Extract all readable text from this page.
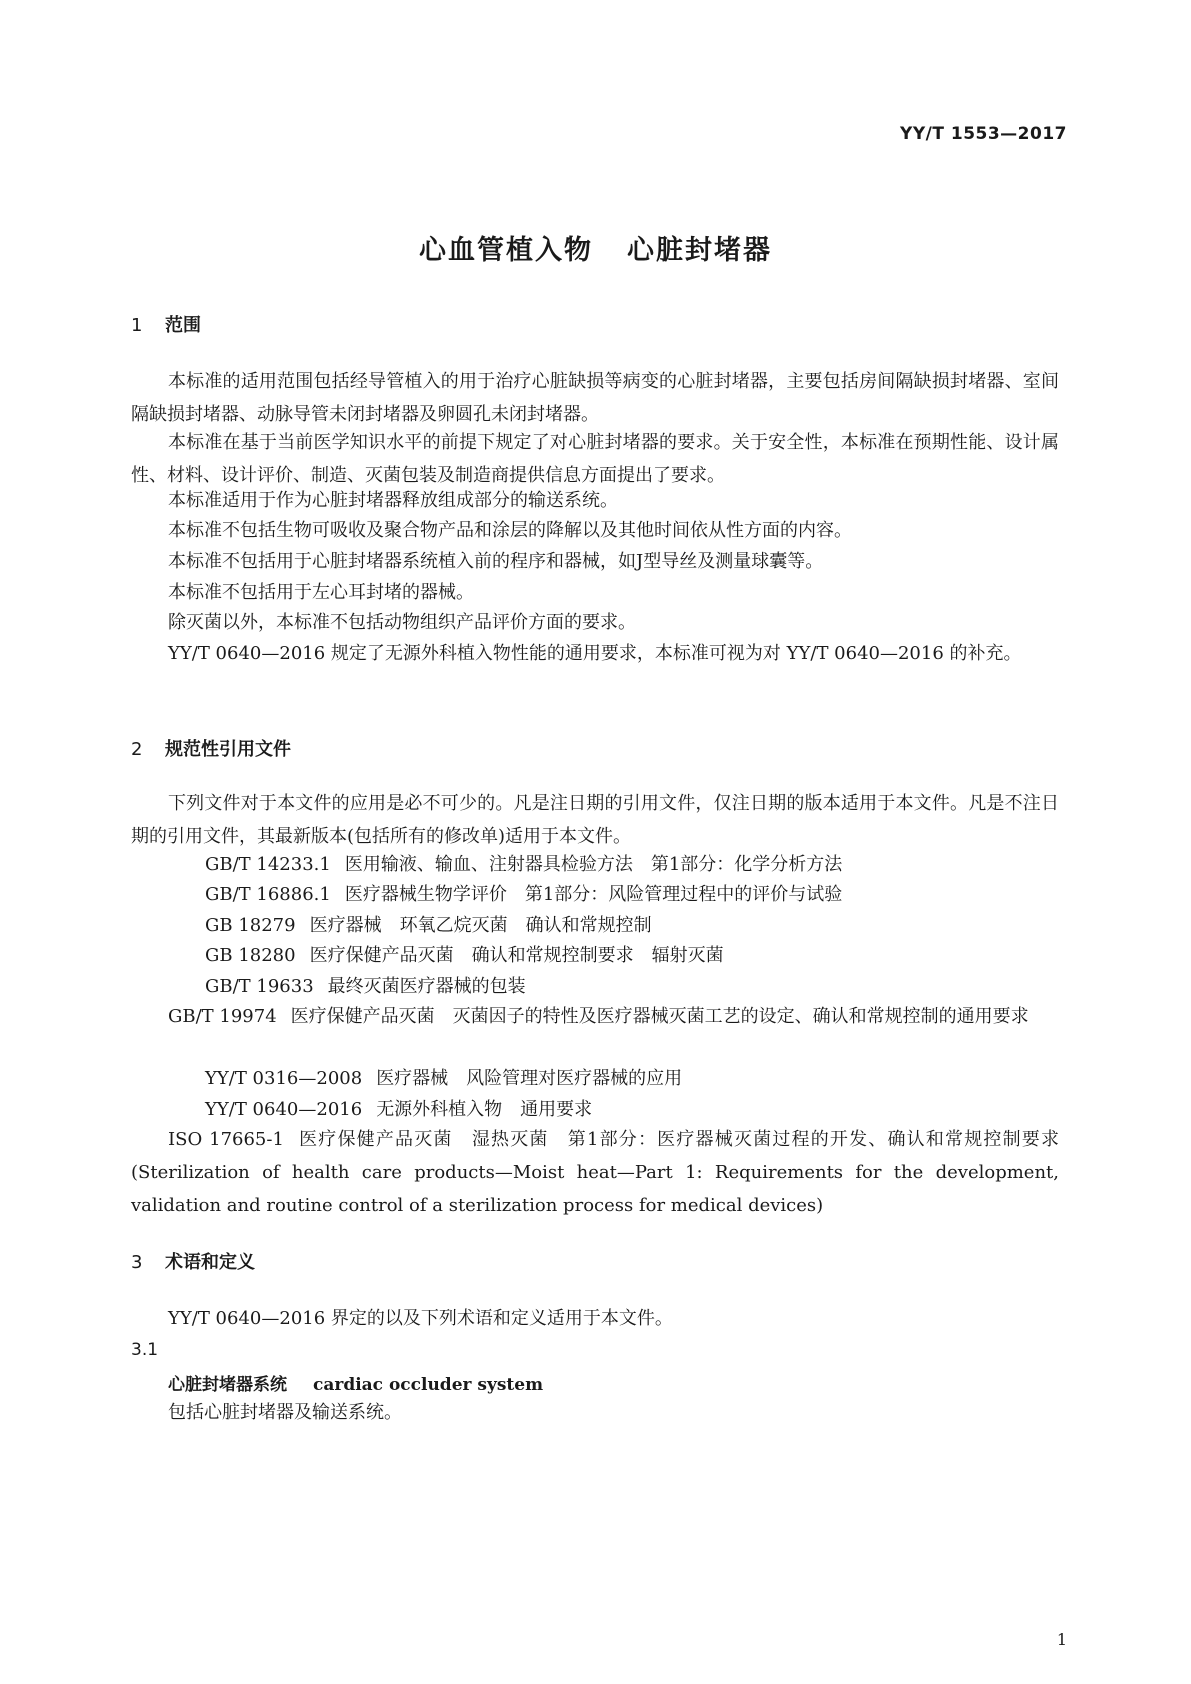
YY/T 1553—2017
心血管植入物 心脏封堵器
1 范围
本标准的适用范围包括经导管植入的用于治疗心脏缺损等病变的心脏封堵器，主要包括房间隔缺损封堵器、室间隔缺损封堵器、动脉导管未闭封堵器及卵圆孔未闭封堵器。
本标准在基于当前医学知识水平的前提下规定了对心脏封堵器的要求。关于安全性，本标准在预期性能、设计属性、材料、设计评价、制造、灭菌包装及制造商提供信息方面提出了要求。
本标准适用于作为心脏封堵器释放组成部分的输送系统。
本标准不包括生物可吸收及聚合物产品和涂层的降解以及其他时间依从性方面的内容。
本标准不包括用于心脏封堵器系统植入前的程序和器械，如J型导丝及测量球囊等。
本标准不包括用于左心耳封堵的器械。
除灭菌以外，本标准不包括动物组织产品评价方面的要求。
YY/T 0640—2016 规定了无源外科植入物性能的通用要求，本标准可视为对 YY/T 0640—2016 的补充。
2 规范性引用文件
下列文件对于本文件的应用是必不可少的。凡是注日期的引用文件，仅注日期的版本适用于本文件。凡是不注日期的引用文件，其最新版本(包括所有的修改单)适用于本文件。
GB/T 14233.1 医用输液、输血、注射器具检验方法　第1部分：化学分析方法
GB/T 16886.1 医疗器械生物学评价　第1部分：风险管理过程中的评价与试验
GB 18279 医疗器械　环氧乙烷灭菌　确认和常规控制
GB 18280 医疗保健产品灭菌　确认和常规控制要求　辐射灭菌
GB/T 19633 最终灭菌医疗器械的包装
GB/T 19974 医疗保健产品灭菌　灭菌因子的特性及医疗器械灭菌工艺的设定、确认和常规控制的通用要求
YY/T 0316—2008 医疗器械　风险管理对医疗器械的应用
YY/T 0640—2016 无源外科植入物　通用要求
ISO 17665-1 医疗保健产品灭菌　湿热灭菌　第1部分：医疗器械灭菌过程的开发、确认和常规控制要求(Sterilization of health care products—Moist heat—Part 1: Requirements for the development, validation and routine control of a sterilization process for medical devices)
3 术语和定义
YY/T 0640—2016 界定的以及下列术语和定义适用于本文件。
3.1
心脏封堵器系统 cardiac occluder system
包括心脏封堵器及输送系统。
1
